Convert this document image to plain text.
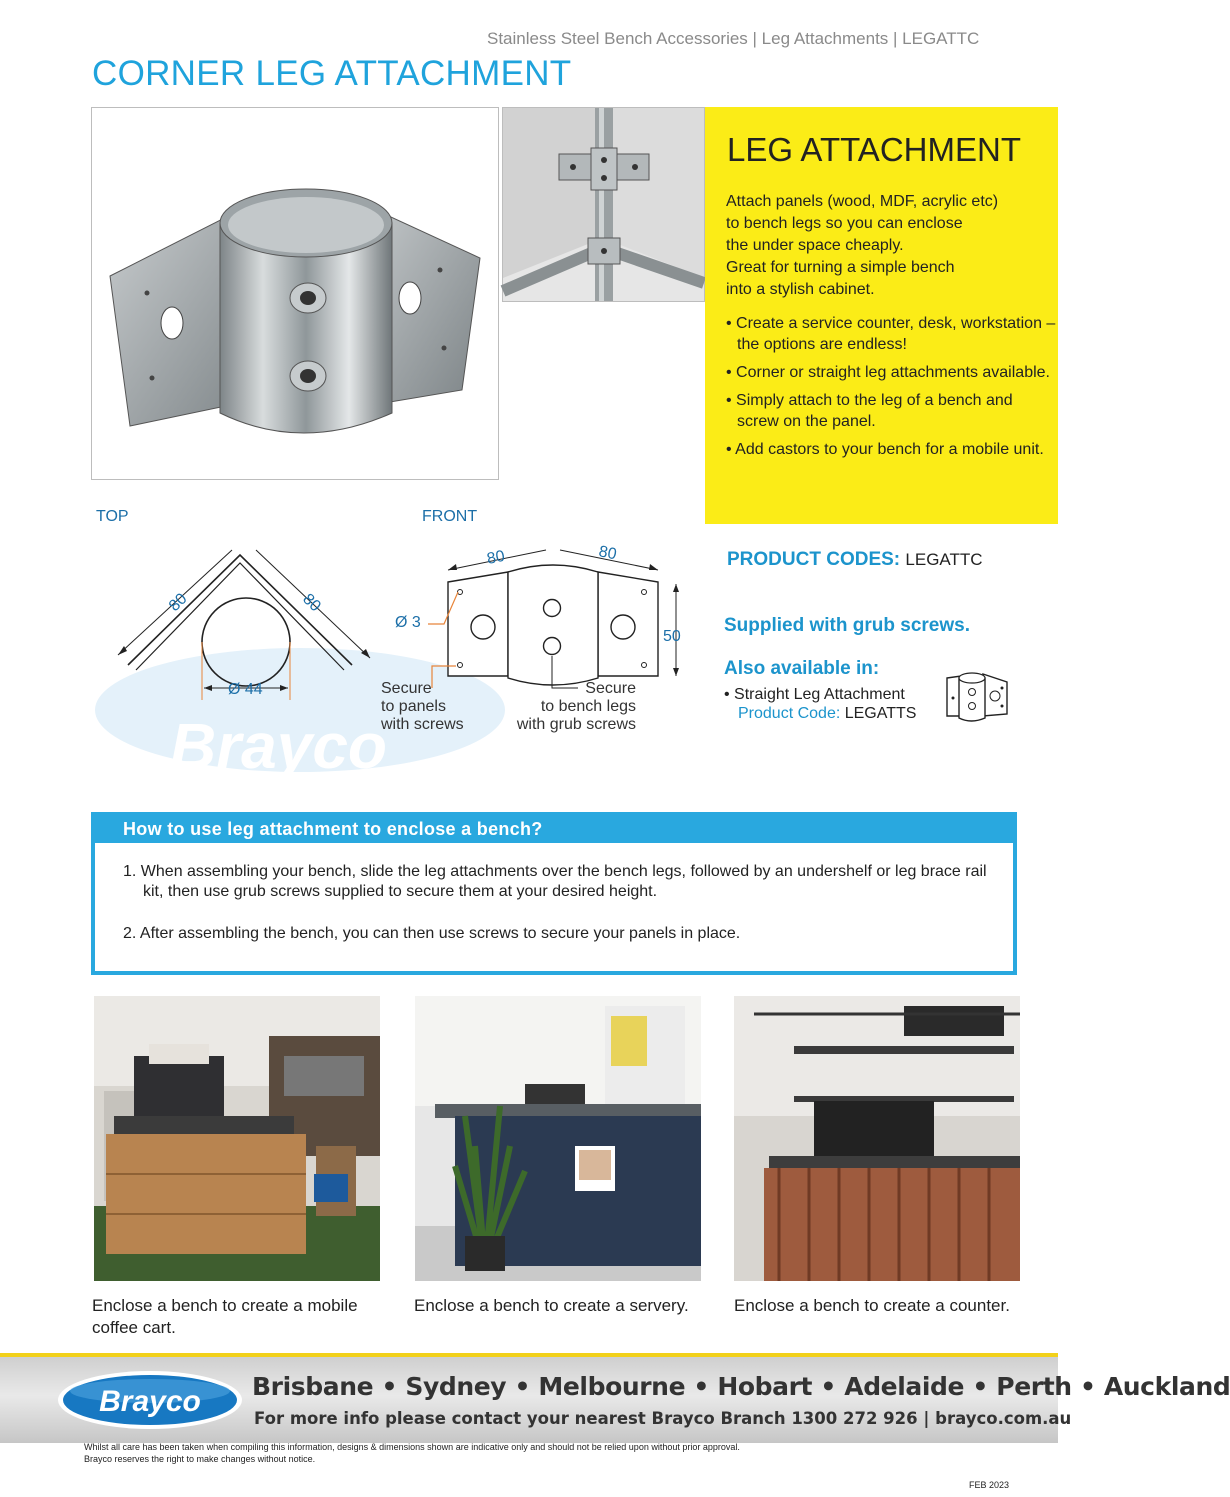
Stainless Steel Bench Accessories | Leg Attachments | LEGATTC
CORNER LEG ATTACHMENT
LEG ATTACHMENT
Attach panels (wood, MDF, acrylic etc)
to bench legs so you can enclose
the under space cheaply.
Great for turning a simple bench
into a stylish cabinet.
• Create a service counter, desk, workstation – the options are endless!
• Corner or straight leg attachments available.
• Simply attach to the leg of a bench and screw on the panel.
• Add castors to your bench for a mobile unit.
Brayco
80	80
Ø 44
80	80
50
Ø 3
TOP	FRONT
Secure
to panels
with screws
Secure
to bench legs
with grub screws
PRODUCT CODES: LEGATTC
Supplied with grub screws.
Also available in:
• Straight Leg Attachment
Product Code: LEGATTS
How to use leg attachment to enclose a bench?
1. When assembling your bench, slide the leg attachments over the bench legs, followed by an undershelf or leg brace rail kit, then use grub screws supplied to secure them at your desired height.
2. After assembling the bench, you can then use screws to secure your panels in place.
Enclose a bench to create a mobile coffee cart.
Enclose a bench to create a servery.	Enclose a bench to create a counter.
Brayco Brisbane • Sydney • Melbourne • Hobart • Adelaide • Perth • Auckland
For more info please contact your nearest Brayco Branch 1300 272 926 | brayco.com.au
Whilst all care has been taken when compiling this information, designs & dimensions shown are indicative only and should not be relied upon without prior approval.
Brayco reserves the right to make changes without notice.
FEB 2023
